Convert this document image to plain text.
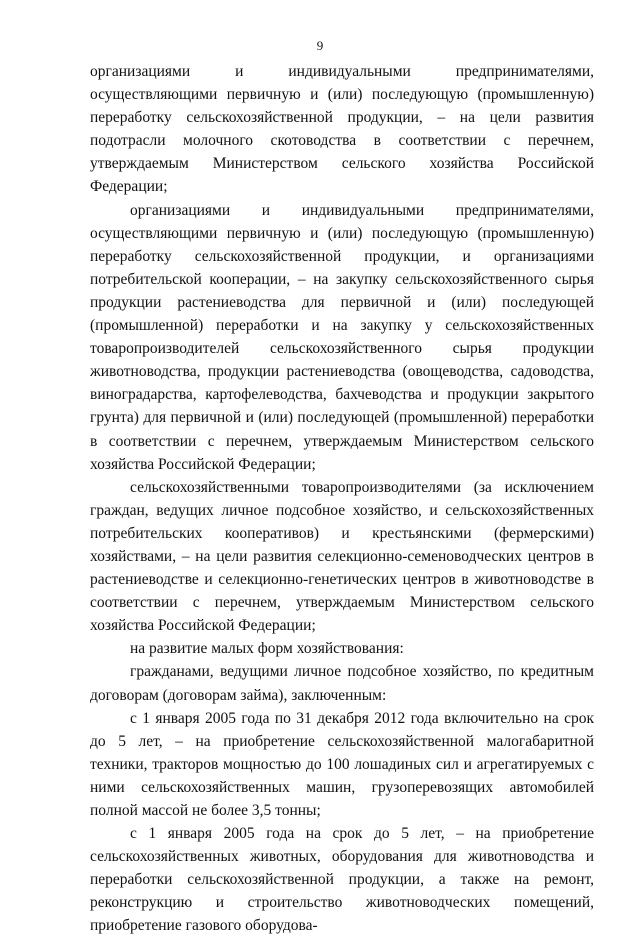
9

организациями и индивидуальными предпринимателями, осуществляющими первичную и (или) последующую (промышленную) переработку сельскохозяйственной продукции, – на цели развития подотрасли молочного скотоводства в соответствии с перечнем, утверждаемым Министерством сельского хозяйства Российской Федерации;

организациями и индивидуальными предпринимателями, осуществляющими первичную и (или) последующую (промышленную) переработку сельскохозяйственной продукции, и организациями потребительской кооперации, – на закупку сельскохозяйственного сырья продукции растениеводства для первичной и (или) последующей (промышленной) переработки и на закупку у сельскохозяйственных товаропроизводителей сельскохозяйственного сырья продукции животноводства, продукции растениеводства (овощеводства, садоводства, виноградарства, картофелеводства, бахчеводства и продукции закрытого грунта) для первичной и (или) последующей (промышленной) переработки в соответствии с перечнем, утверждаемым Министерством сельского хозяйства Российской Федерации;

сельскохозяйственными товаропроизводителями (за исключением граждан, ведущих личное подсобное хозяйство, и сельскохозяйственных потребительских кооперативов) и крестьянскими (фермерскими) хозяйствами, – на цели развития селекционно-семеноводческих центров в растениеводстве и селекционно-генетических центров в животноводстве в соответствии с перечнем, утверждаемым Министерством сельского хозяйства Российской Федерации;

на развитие малых форм хозяйствования:

гражданами, ведущими личное подсобное хозяйство, по кредитным договорам (договорам займа), заключенным:

с 1 января 2005 года по 31 декабря 2012 года включительно на срок до 5 лет, – на приобретение сельскохозяйственной малогабаритной техники, тракторов мощностью до 100 лошадиных сил и агрегатируемых с ними сельскохозяйственных машин, грузоперевозящих автомобилей полной массой не более 3,5 тонны;

с 1 января 2005 года на срок до 5 лет, – на приобретение сельскохозяйственных животных, оборудования для животноводства и переработки сельскохозяйственной продукции, а также на ремонт, реконструкцию и строительство животноводческих помещений, приобретение газового оборудова-
